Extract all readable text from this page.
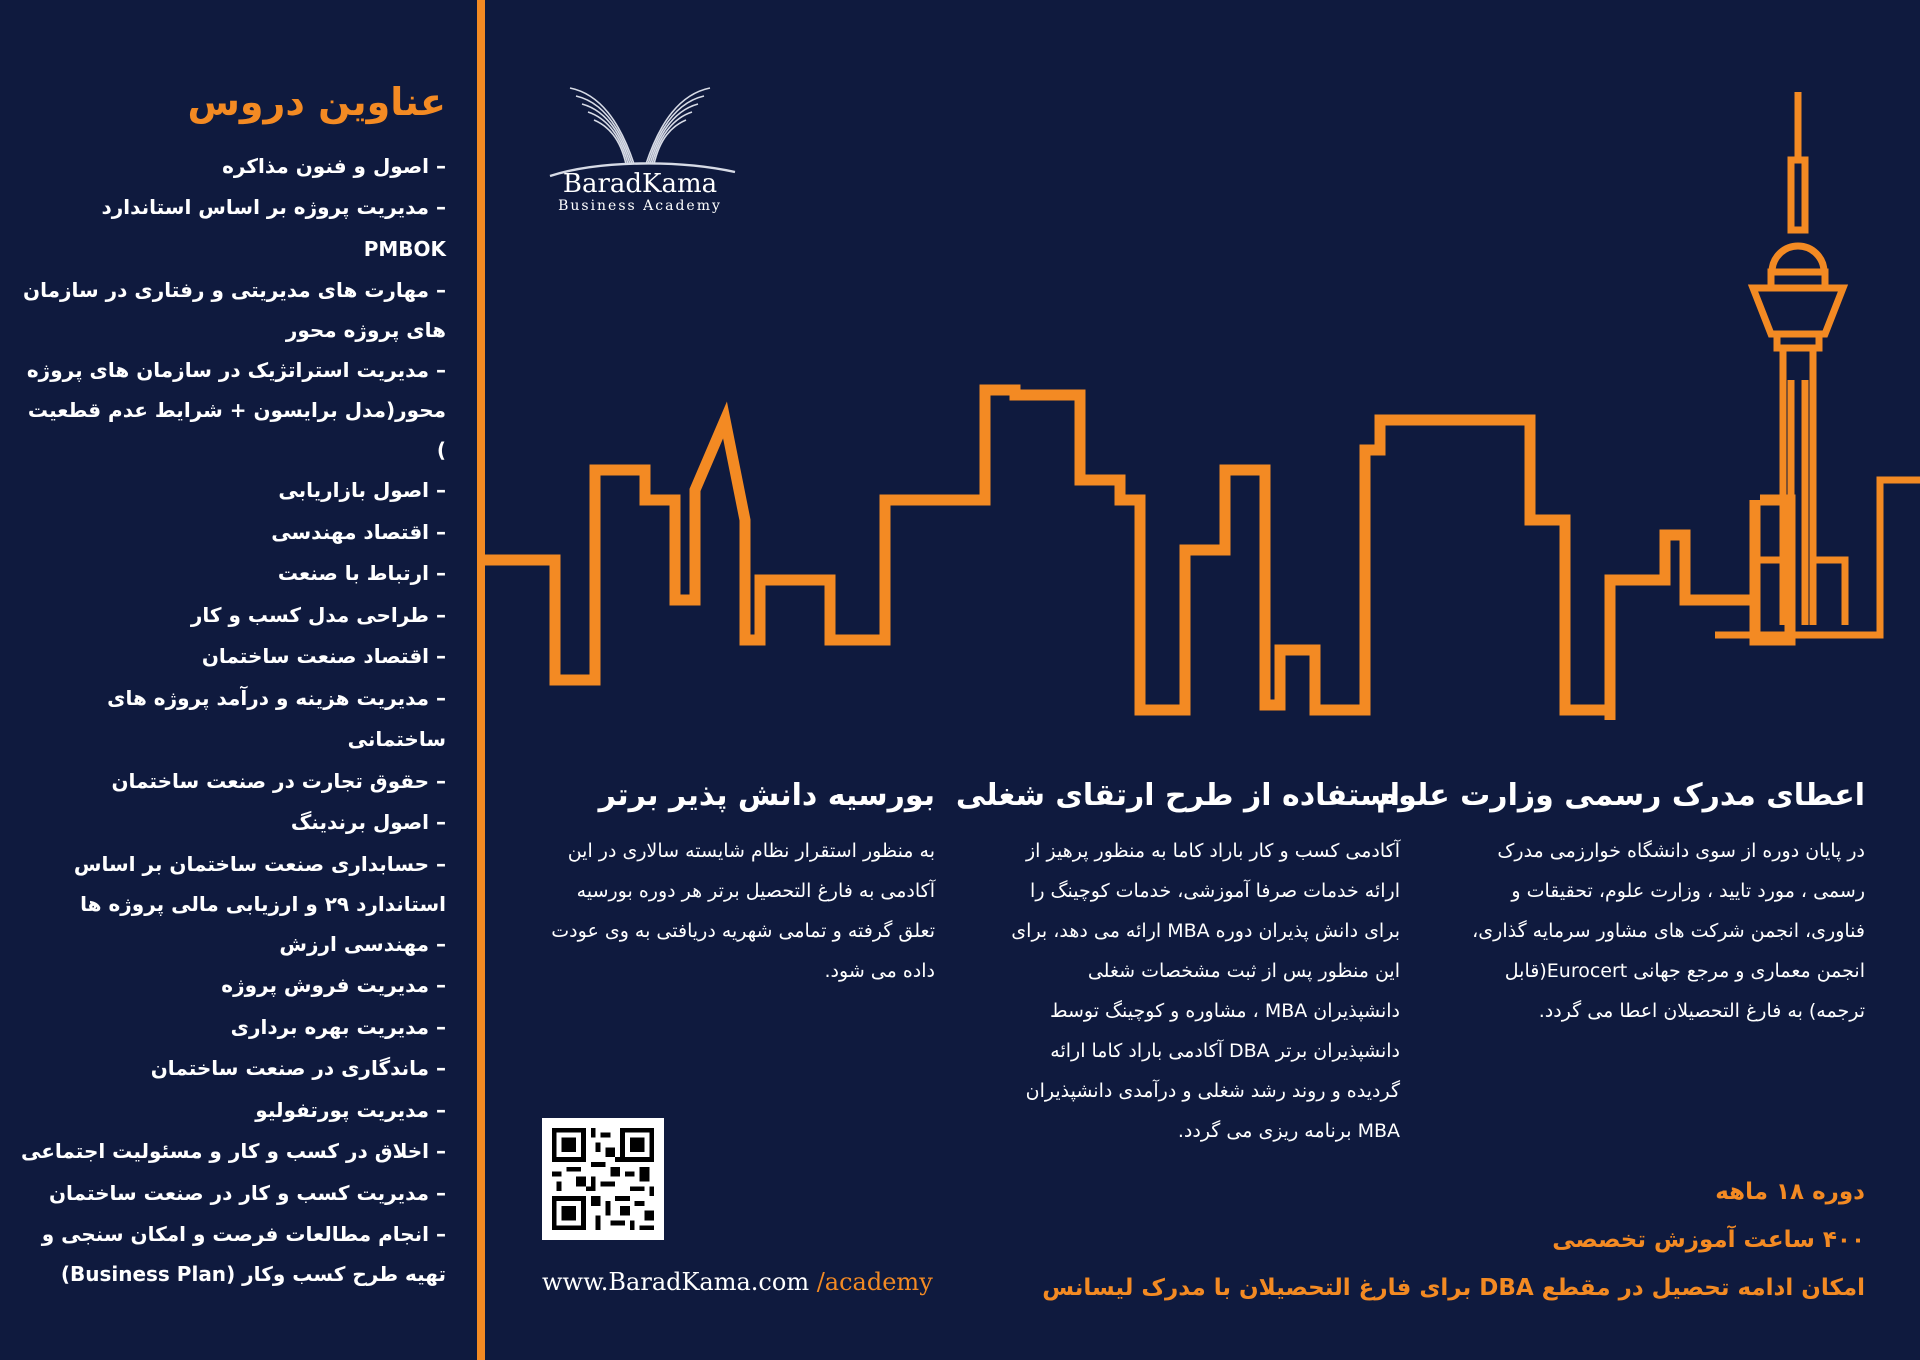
عناوین دروس
– اصول و فنون مذاکره
– مدیریت پروژه بر اساس استاندارد PMBOK
– مهارت های مدیریتی و رفتاری در سازمان های پروژه محور
– مدیریت استراتژیک در سازمان های پروژه محور(مدل برایسون + شرایط عدم قطعیت )
– اصول بازاریابی
– اقتصاد مهندسی
– ارتباط با صنعت
– طراحی مدل کسب و کار
– اقتصاد صنعت ساختمان
– مدیریت هزینه و درآمد پروژه های ساختمانی
– حقوق تجارت در صنعت ساختمان
– اصول برندینگ
– حسابداری صنعت ساختمان بر اساس استاندارد ۲۹ و ارزیابی مالی پروژه ها
– مهندسی ارزش
– مدیریت فروش پروژه
– مدیریت بهره برداری
– ماندگاری در صنعت ساختمان
– مدیریت پورتفولیو
– اخلاق در کسب و کار و مسئولیت اجتماعی
– مدیریت کسب و کار در صنعت ساختمان
– انجام مطالعات فرصت و امکان سنجی و تهیه طرح کسب وکار (Business Plan)
BaradKama
Business Academy
اعطای مدرک رسمی وزارت علوم

در پایان دوره از سوی دانشگاه خوارزمی مدرک رسمی ، مورد تایید ، وزارت علوم، تحقیقات و فناوری، انجمن شرکت های مشاور سرمایه گذاری، انجمن معماری و مرجع جهانی Eurocert(قابل ترجمه) به فارغ التحصیلان اعطا می گردد.

استفاده از طرح ارتقای شغلی

آکادمی کسب و کار باراد کاما به منظور پرهیز از ارائه خدمات صرفا آموزشی، خدمات کوچینگ را برای دانش پذیران دوره MBA ارائه می دهد، برای این منظور پس از ثبت مشخصات شغلی دانشپذیران MBA ، مشاوره و کوچینگ توسط دانشپذیران برتر DBA آکادمی باراد کاما ارائه گردیده و روند رشد شغلی و درآمدی دانشپذیران MBA برنامه ریزی می گردد.

بورسیه دانش پذیر برتر

به منظور استقرار نظام شایسته سالاری در این آکادمی به فارغ التحصیل برتر هر دوره بورسیه تعلق گرفته و تمامی شهریه دریافتی به وی عودت داده می شود.

دوره ۱۸ ماهه
۴۰۰ ساعت آموزش تخصصی
امکان ادامه تحصیل در مقطع DBA برای فارغ التحصیلان با مدرک لیسانس
www.BaradKama.com /academy
